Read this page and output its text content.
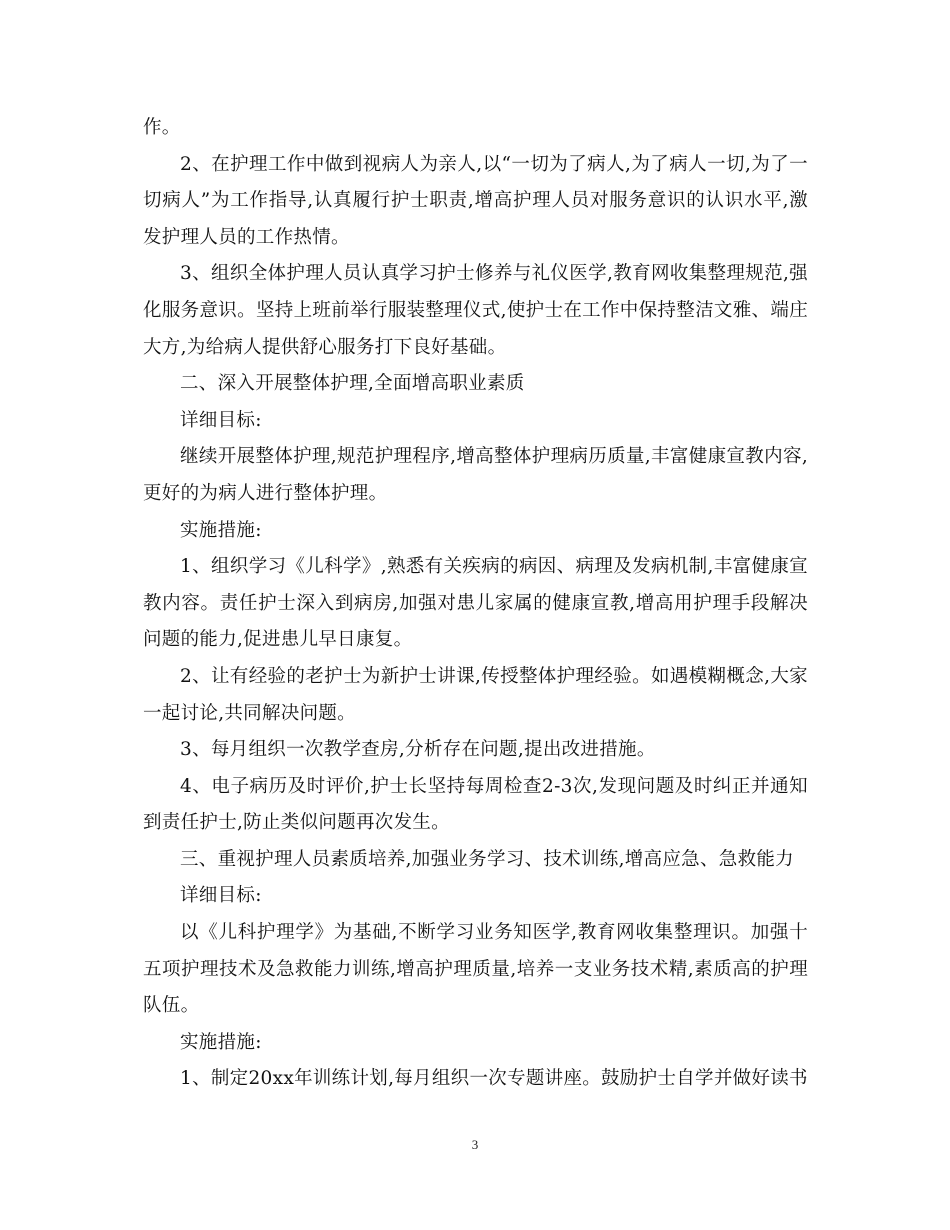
作。

2、在护理工作中做到视病人为亲人,以“一切为了病人,为了病人一切,为了一切病人”为工作指导,认真履行护士职责,增高护理人员对服务意识的认识水平,激发护理人员的工作热情。

3、组织全体护理人员认真学习护士修养与礼仪医学,教育网收集整理规范,强化服务意识。坚持上班前举行服装整理仪式,使护士在工作中保持整洁文雅、端庄大方,为给病人提供舒心服务打下良好基础。

二、深入开展整体护理,全面增高职业素质

详细目标:

继续开展整体护理,规范护理程序,增高整体护理病历质量,丰富健康宣教内容,更好的为病人进行整体护理。

实施措施:

1、组织学习《儿科学》,熟悉有关疾病的病因、病理及发病机制,丰富健康宣教内容。责任护士深入到病房,加强对患儿家属的健康宣教,增高用护理手段解决问题的能力,促进患儿早日康复。

2、让有经验的老护士为新护士讲课,传授整体护理经验。如遇模糊概念,大家一起讨论,共同解决问题。

3、每月组织一次教学查房,分析存在问题,提出改进措施。

4、电子病历及时评价,护士长坚持每周检查2-3次,发现问题及时纠正并通知到责任护士,防止类似问题再次发生。

三、重视护理人员素质培养,加强业务学习、技术训练,增高应急、急救能力

详细目标:

以《儿科护理学》为基础,不断学习业务知医学,教育网收集整理识。加强十五项护理技术及急救能力训练,增高护理质量,培养一支业务技术精,素质高的护理队伍。

实施措施:

1、制定20xx年训练计划,每月组织一次专题讲座。鼓励护士自学并做好读书

3
